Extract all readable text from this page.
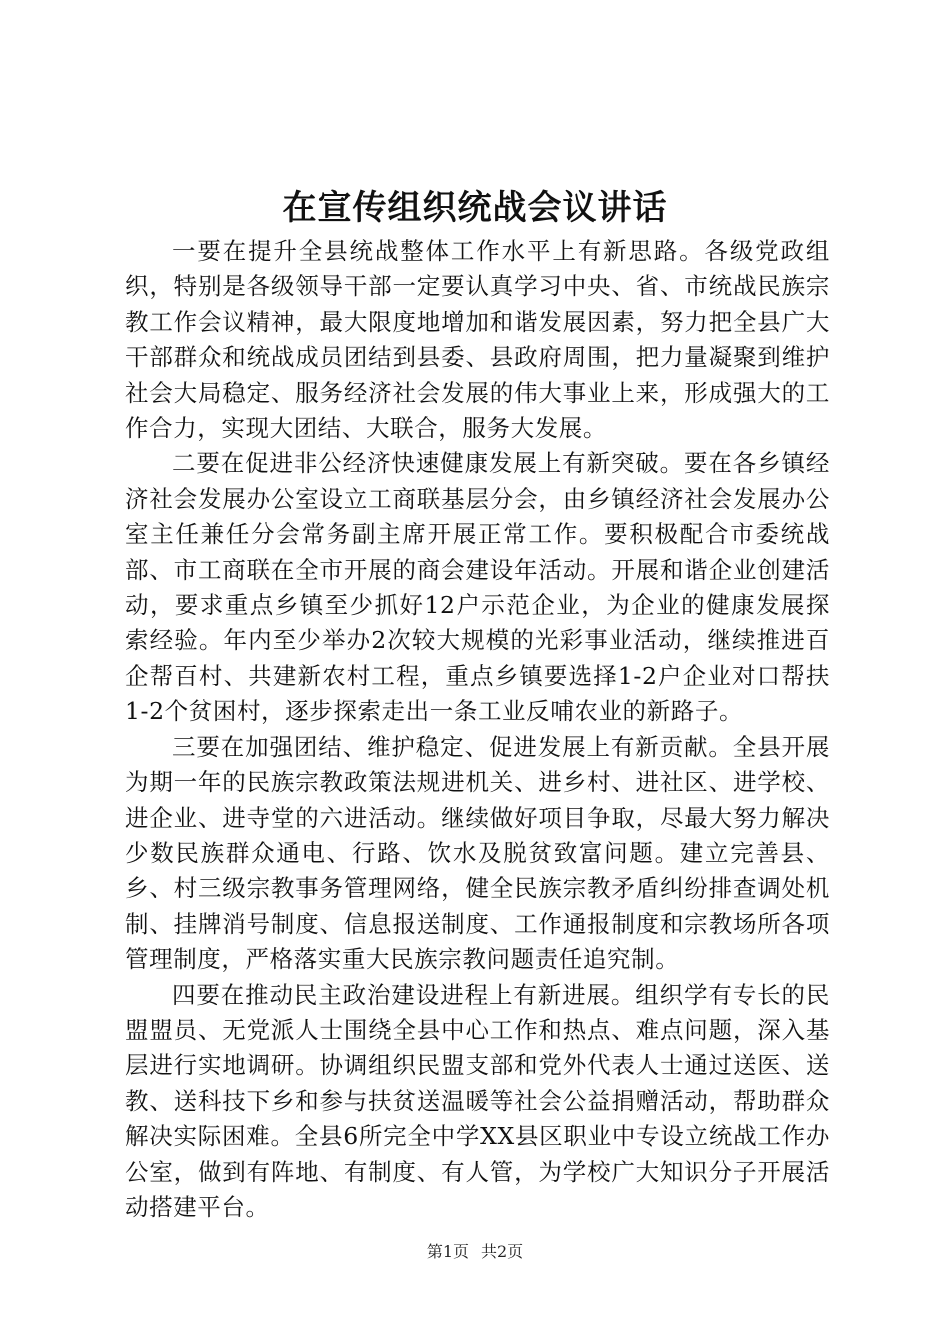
在宣传组织统战会议讲话

一要在提升全县统战整体工作水平上有新思路。各级党政组织，特别是各级领导干部一定要认真学习中央、省、市统战民族宗教工作会议精神，最大限度地增加和谐发展因素，努力把全县广大干部群众和统战成员团结到县委、县政府周围，把力量凝聚到维护社会大局稳定、服务经济社会发展的伟大事业上来，形成强大的工作合力，实现大团结、大联合，服务大发展。

二要在促进非公经济快速健康发展上有新突破。要在各乡镇经济社会发展办公室设立工商联基层分会，由乡镇经济社会发展办公室主任兼任分会常务副主席开展正常工作。要积极配合市委统战部、市工商联在全市开展的商会建设年活动。开展和谐企业创建活动，要求重点乡镇至少抓好12户示范企业，为企业的健康发展探索经验。年内至少举办2次较大规模的光彩事业活动，继续推进百企帮百村、共建新农村工程，重点乡镇要选择1-2户企业对口帮扶1-2个贫困村，逐步探索走出一条工业反哺农业的新路子。

三要在加强团结、维护稳定、促进发展上有新贡献。全县开展为期一年的民族宗教政策法规进机关、进乡村、进社区、进学校、进企业、进寺堂的六进活动。继续做好项目争取，尽最大努力解决少数民族群众通电、行路、饮水及脱贫致富问题。建立完善县、乡、村三级宗教事务管理网络，健全民族宗教矛盾纠纷排查调处机制、挂牌消号制度、信息报送制度、工作通报制度和宗教场所各项管理制度，严格落实重大民族宗教问题责任追究制。

四要在推动民主政治建设进程上有新进展。组织学有专长的民盟盟员、无党派人士围绕全县中心工作和热点、难点问题，深入基层进行实地调研。协调组织民盟支部和党外代表人士通过送医、送教、送科技下乡和参与扶贫送温暖等社会公益捐赠活动，帮助群众解决实际困难。全县6所完全中学XX县区职业中专设立统战工作办公室，做到有阵地、有制度、有人管，为学校广大知识分子开展活动搭建平台。

第1页 共2页
